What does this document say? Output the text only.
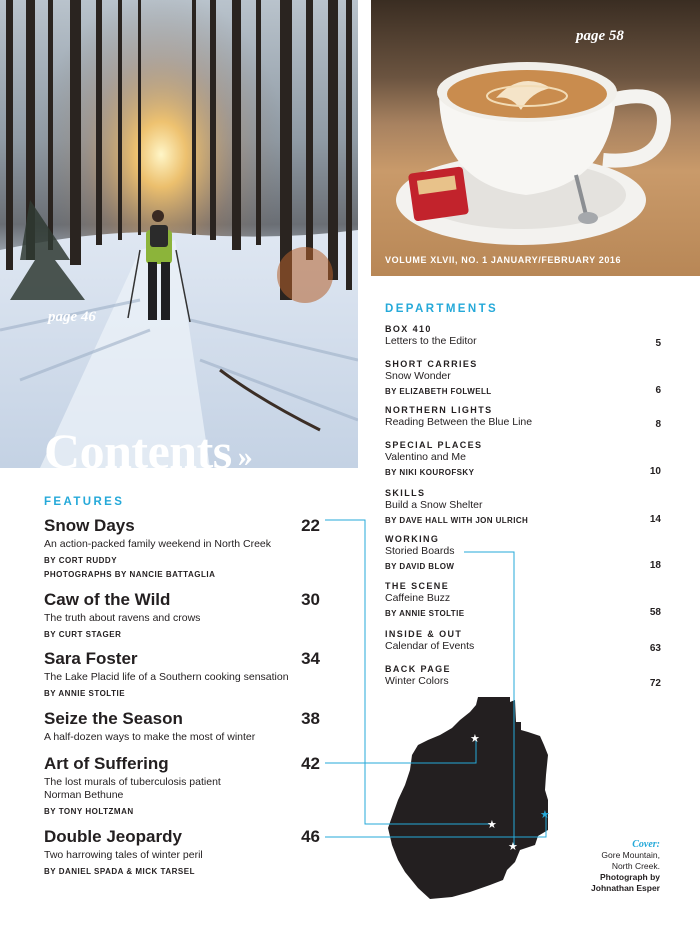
page 46
Contents »
page 58
VOLUME XLVII, NO. 1 JANUARY/FEBRUARY 2016
DEPARTMENTS
BOX 410
Letters to the Editor	5
SHORT CARRIES
Snow Wonder
BY ELIZABETH FOLWELL	6
NORTHERN LIGHTS
Reading Between the Blue Line	8
SPECIAL PLACES
Valentino and Me
BY NIKI KOUROFSKY	10
SKILLS
Build a Snow Shelter
BY DAVE HALL WITH JON ULRICH	14
WORKING
Storied Boards
BY DAVID BLOW	18
THE SCENE
Caffeine Buzz
BY ANNIE STOLTIE	58
INSIDE & OUT
Calendar of Events	63
BACK PAGE
Winter Colors	72
★
★
★
★
FEATURES
Snow Days	22
An action-packed family weekend in North Creek
BY CORT RUDDY
PHOTOGRAPHS BY NANCIE BATTAGLIA
Caw of the Wild	30
The truth about ravens and crows
BY CURT STAGER
Sara Foster	34
The Lake Placid life of a Southern cooking sensation
BY ANNIE STOLTIE
Seize the Season	38
A half-dozen ways to make the most of winter
Art of Suffering	42
The lost murals of tuberculosis patient Norman Bethune
BY TONY HOLTZMAN
Double Jeopardy	46
Two harrowing tales of winter peril
BY DANIEL SPADA & MICK TARSEL
Cover:
Gore Mountain,
North Creek.
Photograph by
Johnathan Esper
